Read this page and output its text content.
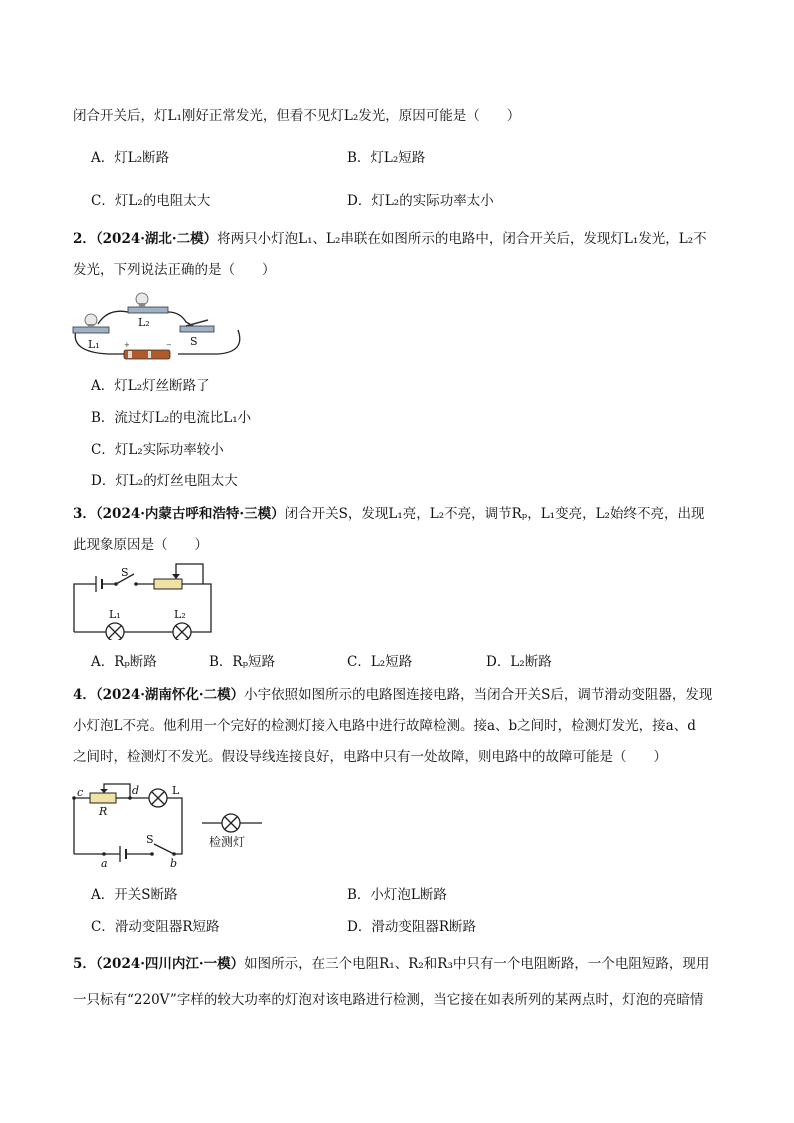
闭合开关后，灯L₁刚好正常发光，但看不见灯L₂发光，原因可能是（　　）
A．灯L₂断路	B．灯L₂短路
C．灯L₂的电阻太大	D．灯L₂的实际功率太小
2．（2024·湖北·二模）将两只小灯泡L₁、L₂串联在如图所示的电路中，闭合开关后，发现灯L₁发光，L₂不
发光，下列说法正确的是（　　）
+	−
L₂
L₁	S
A．灯L₂灯丝断路了
B．流过灯L₂的电流比L₁小
C．灯L₂实际功率较小
D．灯L₂的灯丝电阻太大
3．（2024·内蒙古呼和浩特·三模）闭合开关S，发现L₁亮，L₂不亮，调节Rₚ，L₁变亮，L₂始终不亮，出现
此现象原因是（　　）
S
L₁	L₂
A．Rₚ断路	B．Rₚ短路	C．L₂短路	D．L₂断路
4．（2024·湖南怀化·二模）小宇依照如图所示的电路图连接电路，当闭合开关S后，调节滑动变阻器，发现
小灯泡L不亮。他利用一个完好的检测灯接入电路中进行故障检测。接a、b之间时，检测灯发光，接a、d
之间时，检测灯不发光。假设导线连接良好，电路中只有一处故障，则电路中的故障可能是（　　）
c	d	L
R
S
a	b
检测灯
A．开关S断路	B．小灯泡L断路
C．滑动变阻器R短路	D．滑动变阻器R断路
5．（2024·四川内江·一模）如图所示，在三个电阻R₁、R₂和R₃中只有一个电阻断路，一个电阻短路，现用
一只标有“220V”字样的较大功率的灯泡对该电路进行检测，当它接在如表所列的某两点时，灯泡的亮暗情
